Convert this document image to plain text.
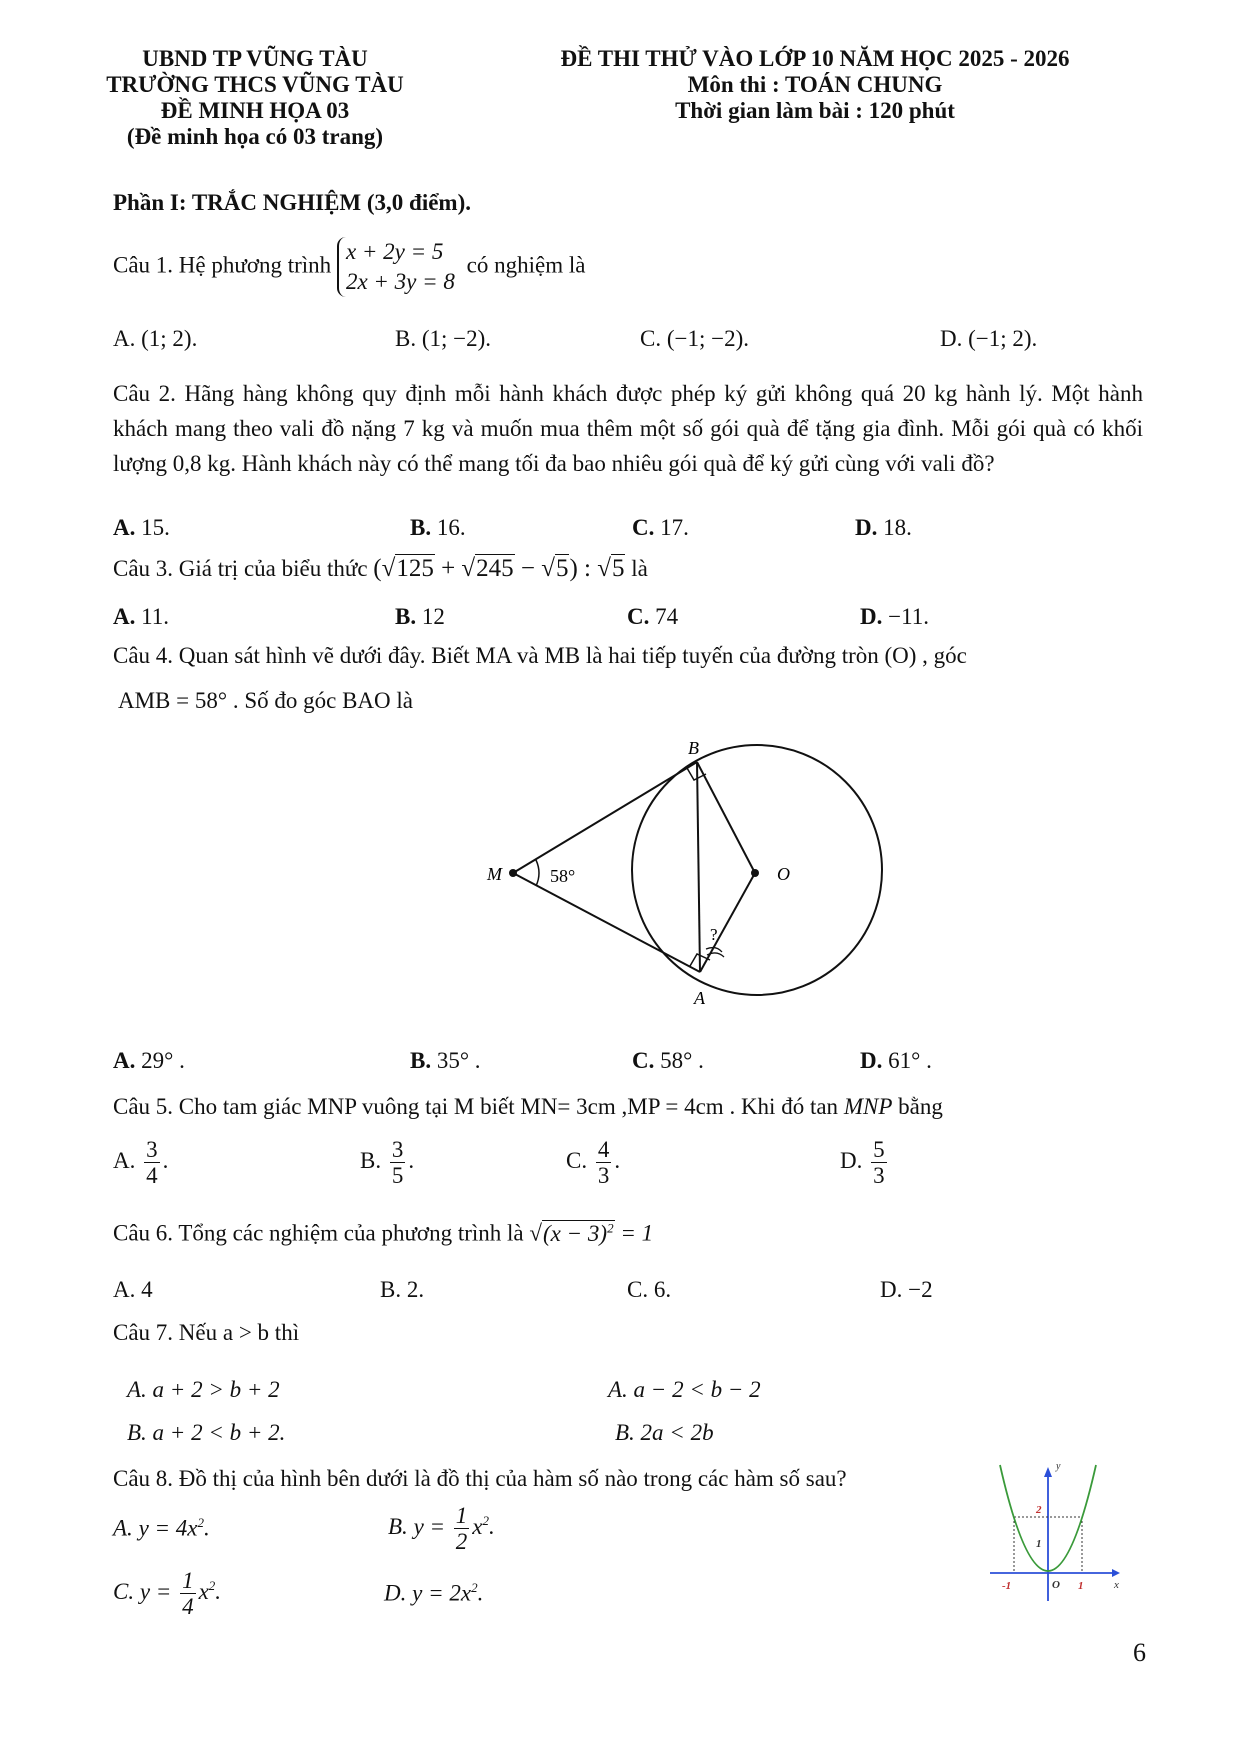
UBND TP VŨNG TÀU
TRƯỜNG THCS VŨNG TÀU
ĐỀ MINH HỌA 03
(Đề minh họa có 03 trang)
ĐỀ THI THỬ VÀO LỚP 10 NĂM HỌC 2025 - 2026
Môn thi : TOÁN CHUNG
Thời gian làm bài : 120 phút
Phần I: TRẮC NGHIỆM (3,0 điểm).
Câu 1. Hệ phương trình
x + 2y = 5
2x + 3y = 8
có nghiệm là
A. (1; 2).	B. (1; −2).	C. (−1; −2).	D. (−1; 2).
Câu 2. Hãng hàng không quy định mỗi hành khách được phép ký gửi không quá 20 kg hành lý. Một hành khách mang theo vali đồ nặng 7 kg và muốn mua thêm một số gói quà để tặng gia đình. Mỗi gói quà có khối lượng 0,8 kg. Hành khách này có thể mang tối đa bao nhiêu gói quà để ký gửi cùng với vali đồ?
A. 15.	B. 16.	C. 17.	D. 18.
Câu 3. Giá trị của biểu thức (√125 + √245 − √5) : √5 là
A. 11.	B. 12	C. 74	D. −11.
Câu 4. Quan sát hình vẽ dưới đây. Biết MA và MB là hai tiếp tuyến của đường tròn (O) , góc
AMB = 58° . Số đo góc BAO là
B
M	O
A
58°
?
A. 29° .	B. 35° .	C. 58° .	D. 61° .
Câu 5. Cho tam giác MNP vuông tại M biết MN= 3cm ,MP = 4cm . Khi đó tan MNP bằng
A. $\frac{3}{4}$ .	B. $\frac{3}{5}$ .	C. $\frac{4}{3}$ .	D. $\frac{5}{3}$
Câu 6. Tổng các nghiệm của phương trình là $√(x - 3)^2 = 1$
A. 4	B. 2.	C. 6.	D. −2
Câu 7. Nếu a > b thì
A. a + 2 > b + 2	A. a − 2 < b − 2
B. a + 2 < b + 2.	B. 2a < 2b
Câu 8. Đồ thị của hình bên dưới là đồ thị của hàm số nào trong các hàm số sau?
A. $y = 4x^2$.	B. $y = \frac{1}{2} x^2$.
C. $y = \frac{1}{4} x^2$.	D. $y = 2x^2$.
y
x
2
1
O
-1	1
6
